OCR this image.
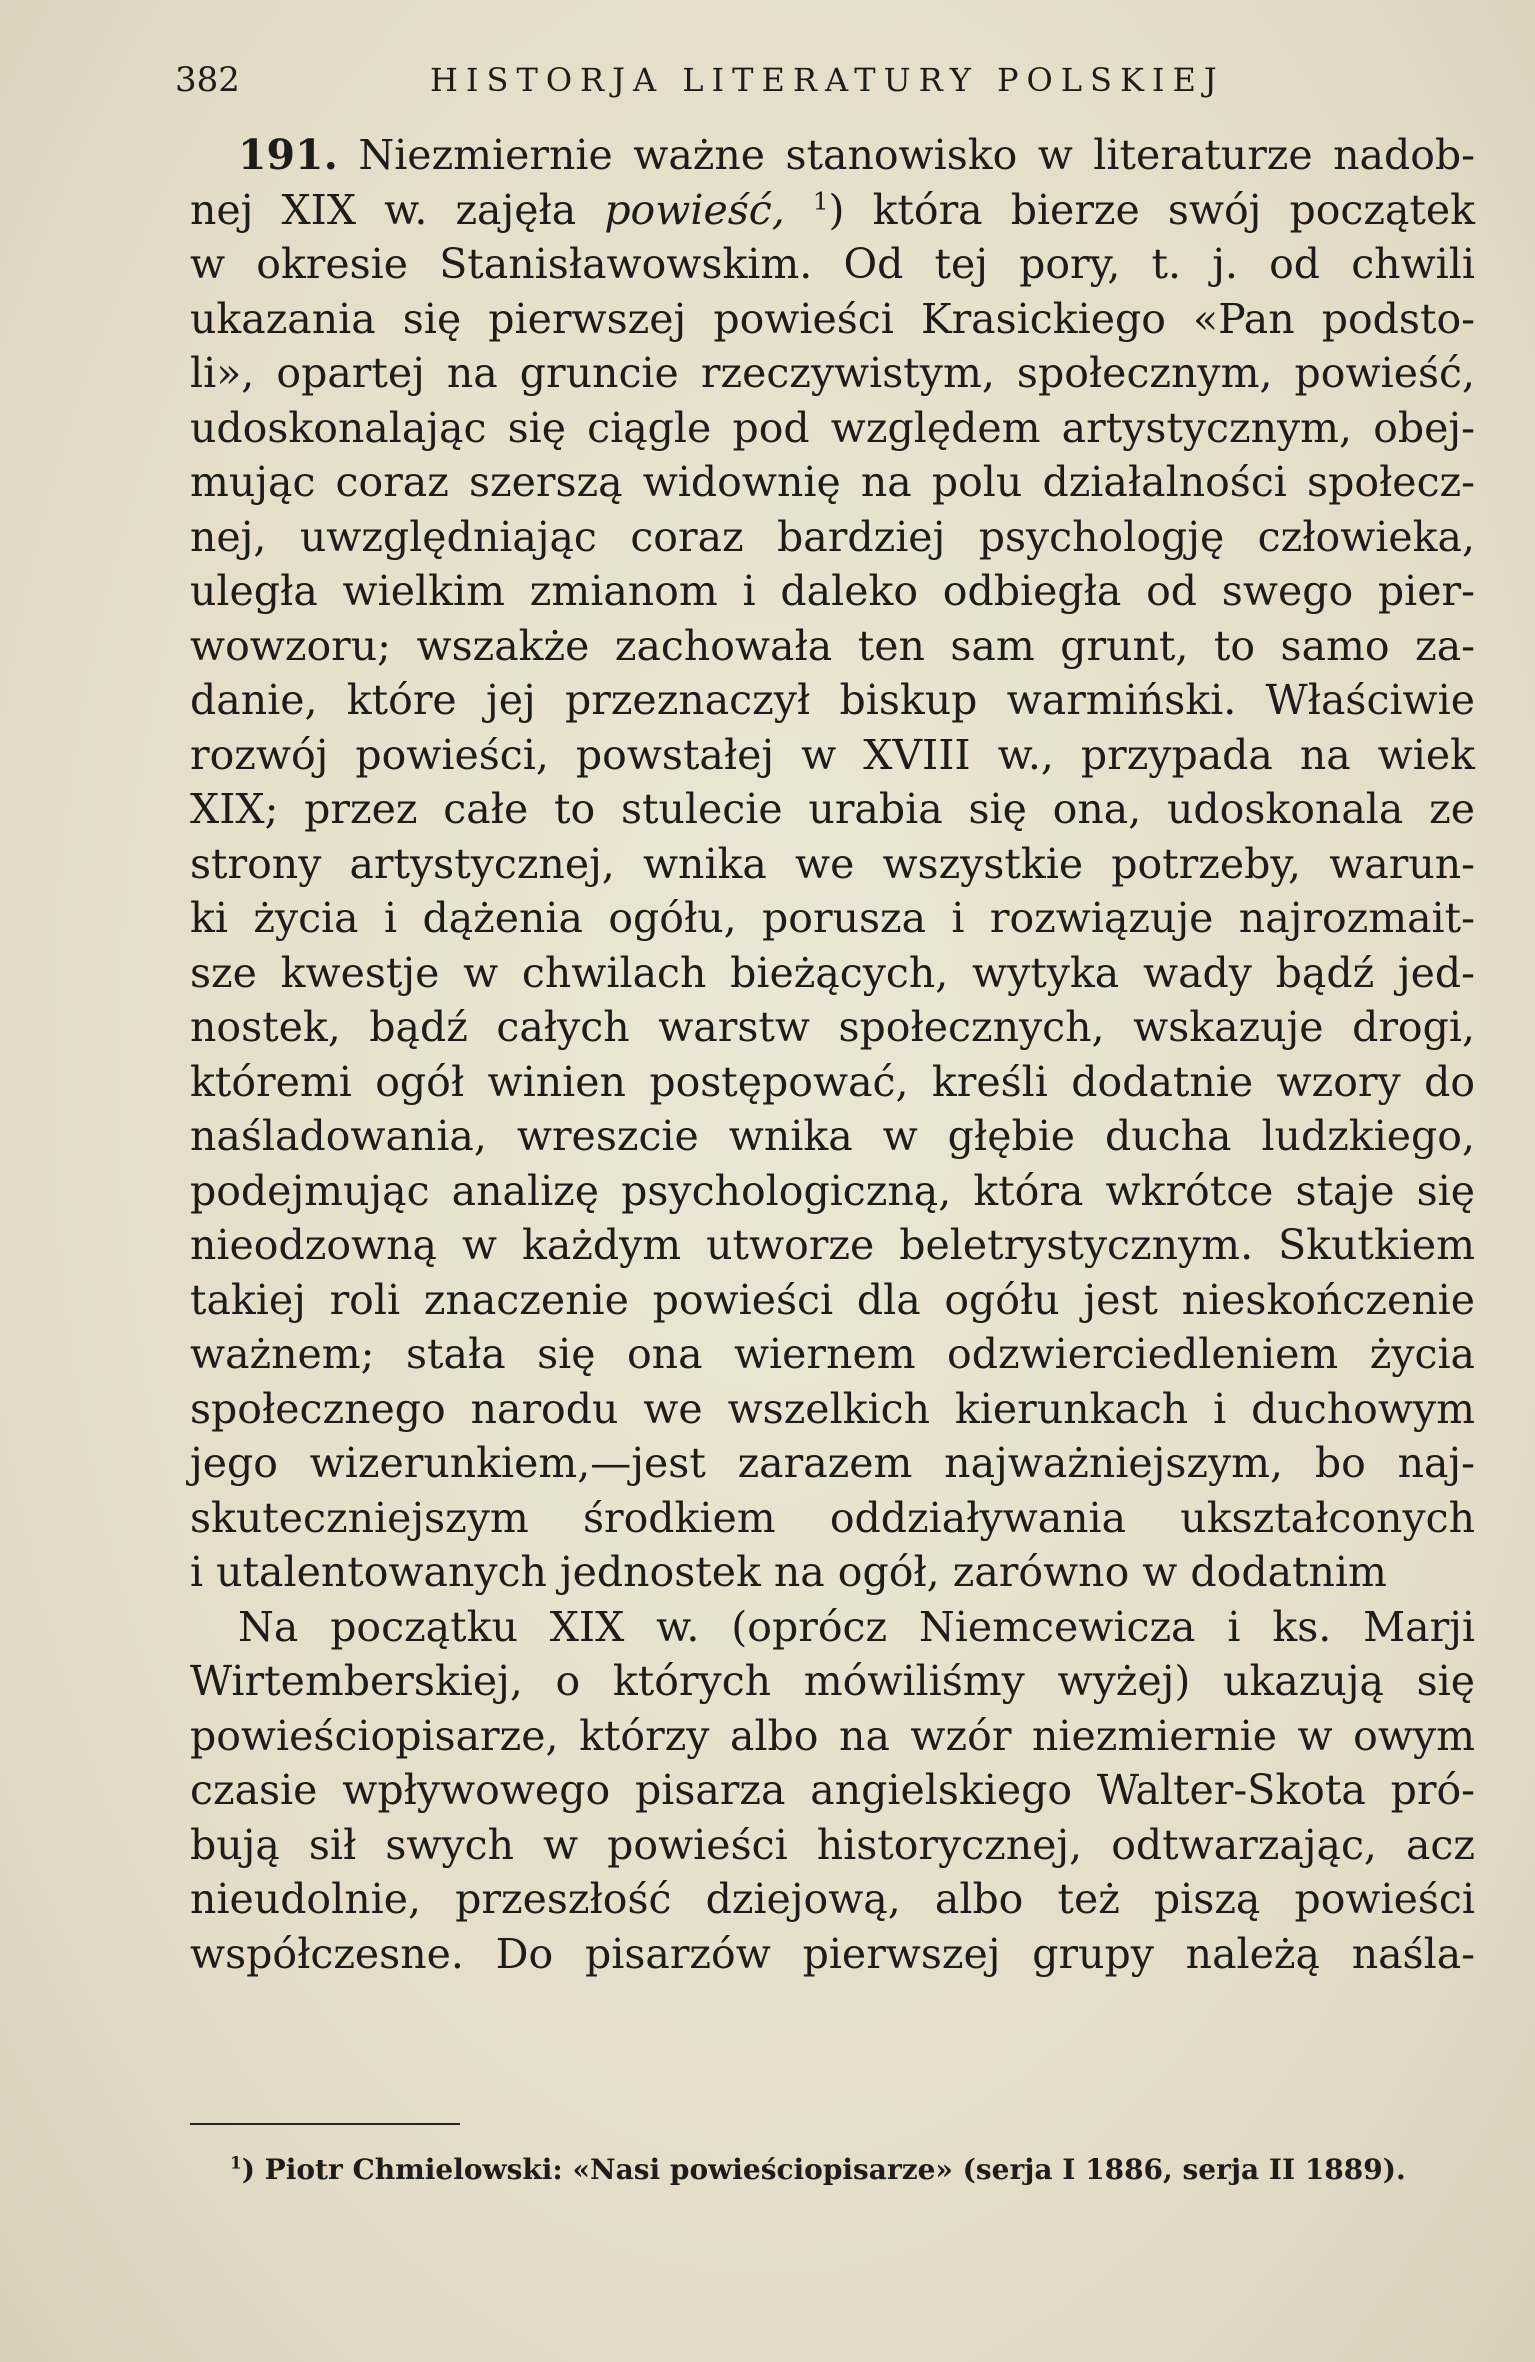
382	HISTORJA LITERATURY POLSKIEJ

191. Niezmiernie ważne stanowisko w literaturze nadob-
nej XIX w. zajęła powieść, $^1$) która bierze swój początek
w okresie Stanisławowskim. Od tej pory, t. j. od chwili
ukazania się pierwszej powieści Krasickiego «Pan podsto-
li», opartej na gruncie rzeczywistym, społecznym, powieść,
udoskonalając się ciągle pod względem artystycznym, obej-
mując coraz szerszą widownię na polu działalności społecz-
nej, uwzględniając coraz bardziej psychologję człowieka,
uległa wielkim zmianom i daleko odbiegła od swego pier-
wowzoru; wszakże zachowała ten sam grunt, to samo za-
danie, które jej przeznaczył biskup warmiński. Właściwie
rozwój powieści, powstałej w XVIII w., przypada na wiek
XIX; przez całe to stulecie urabia się ona, udoskonala ze
strony artystycznej, wnika we wszystkie potrzeby, warun-
ki życia i dążenia ogółu, porusza i rozwiązuje najrozmait-
sze kwestje w chwilach bieżących, wytyka wady bądź jed-
nostek, bądź całych warstw społecznych, wskazuje drogi,
któremi ogół winien postępować, kreśli dodatnie wzory do
naśladowania, wreszcie wnika w głębie ducha ludzkiego,
podejmując analizę psychologiczną, która wkrótce staje się
nieodzowną w każdym utworze beletrystycznym. Skutkiem
takiej roli znaczenie powieści dla ogółu jest nieskończenie
ważnem; stała się ona wiernem odzwierciedleniem życia
społecznego narodu we wszelkich kierunkach i duchowym
jego wizerunkiem,—jest zarazem najważniejszym, bo naj-
skuteczniejszym środkiem oddziaływania ukształconych
i utalentowanych jednostek na ogół, zarówno w dodatnim

Na początku XIX w. (oprócz Niemcewicza i ks. Marji
Wirtemberskiej, o których mówiliśmy wyżej) ukazują się
powieściopisarze, którzy albo na wzór niezmiernie w owym
czasie wpływowego pisarza angielskiego Walter-Skota pró-
bują sił swych w powieści historycznej, odtwarzając, acz
nieudolnie, przeszłość dziejową, albo też piszą powieści
współczesne. Do pisarzów pierwszej grupy należą naśla-

$^1$) Piotr Chmielowski: «Nasi powieściopisarze» (serja I 1886, serja II 1889).
